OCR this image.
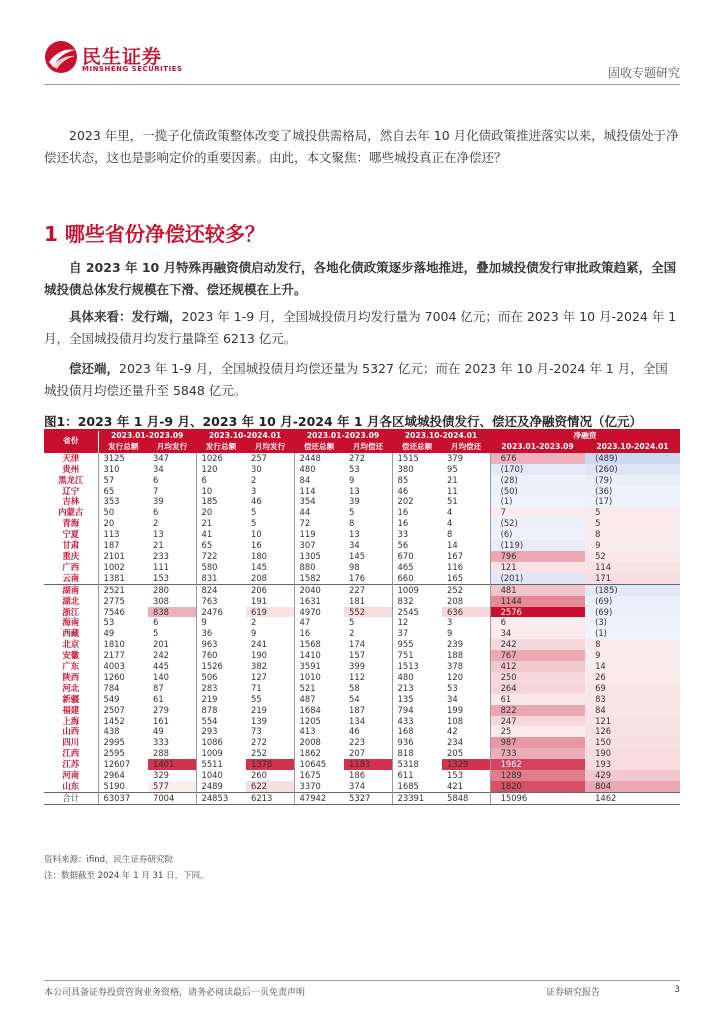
民生证券
MINSHENG SECURITIES	固收专题研究
2023 年里，一揽子化债政策整体改变了城投供需格局，然自去年 10 月化债政策推进落实以来，城投债处于净偿还状态，这也是影响定价的重要因素。由此，本文聚焦：哪些城投真正在净偿还？
1 哪些省份净偿还较多？
自 2023 年 10 月特殊再融资债启动发行，各地化债政策逐步落地推进，叠加城投债发行审批政策趋紧，全国城投债总体发行规模在下滑、偿还规模在上升。
具体来看：发行端，2023 年 1-9 月，全国城投债月均发行量为 7004 亿元；而在 2023 年 10 月-2024 年 1 月，全国城投债月均发行量降至 6213 亿元。
偿还端，2023 年 1-9 月，全国城投债月均偿还量为 5327 亿元；而在 2023 年 10 月-2024 年 1 月，全国城投债月均偿还量升至 5848 亿元。
图1：2023 年 1 月-9 月、2023 年 10 月-2024 年 1 月各区域城投债发行、偿还及净融资情况（亿元）
省份	2023.01-2023.09		2023.10-2024.01		2023.01-2023.09		2023.10-2024.01		净融资	
	发行总额	月均发行	发行总额	月均发行	偿还总额	月均偿还	偿还总额	月均偿还	2023.01-2023.09	2023.10-2024.01
天津	3125	347	1026	257	2448	272	1515	379	676	(489)
贵州	310	34	120	30	480	53	380	95	(170)	(260)
黑龙江	57	6	6	2	84	9	85	21	(28)	(79)
辽宁	65	7	10	3	114	13	46	11	(50)	(36)
吉林	353	39	185	46	354	39	202	51	(1)	(17)
内蒙古	50	6	20	5	44	5	16	4	7	5
青海	20	2	21	5	72	8	16	4	(52)	5
宁夏	113	13	41	10	119	13	33	8	(6)	8
甘肃	187	21	65	16	307	34	56	14	(119)	9
重庆	2101	233	722	180	1305	145	670	167	796	52
广西	1002	111	580	145	880	98	465	116	121	114
云南	1381	153	831	208	1582	176	660	165	(201)	171
湖南	2521	280	824	206	2040	227	1009	252	481	(185)
湖北	2775	308	763	191	1631	181	832	208	1144	(69)
浙江	7546	838	2476	619	4970	552	2545	636	2576	(69)
海南	53	6	9	2	47	5	12	3	6	(3)
西藏	49	5	36	9	16	2	37	9	34	(1)
北京	1810	201	963	241	1568	174	955	239	242	8
安徽	2177	242	760	190	1410	157	751	188	767	9
广东	4003	445	1526	382	3591	399	1513	378	412	14
陕西	1260	140	506	127	1010	112	480	120	250	26
河北	784	87	283	71	521	58	213	53	264	69
新疆	549	61	219	55	487	54	135	34	61	83
福建	2507	279	878	219	1684	187	794	199	822	84
上海	1452	161	554	139	1205	134	433	108	247	121
山西	438	49	293	73	413	46	168	42	25	126
四川	2995	333	1086	272	2008	223	936	234	987	150
江西	2595	288	1009	252	1862	207	818	205	733	190
江苏	12607	1401	5511	1378	10645	1183	5318	1329	1962	193
河南	2964	329	1040	260	1675	186	611	153	1289	429
山东	5190	577	2489	622	3370	374	1685	421	1820	804
合计	63037	7004	24853	6213	47942	5327	23391	5848	15096	1462
资料来源：ifind，民生证券研究院
注：数据截至 2024 年 1 月 31 日，下同。
本公司具备证券投资咨询业务资格，请务必阅读最后一页免责声明	证券研究报告	3
